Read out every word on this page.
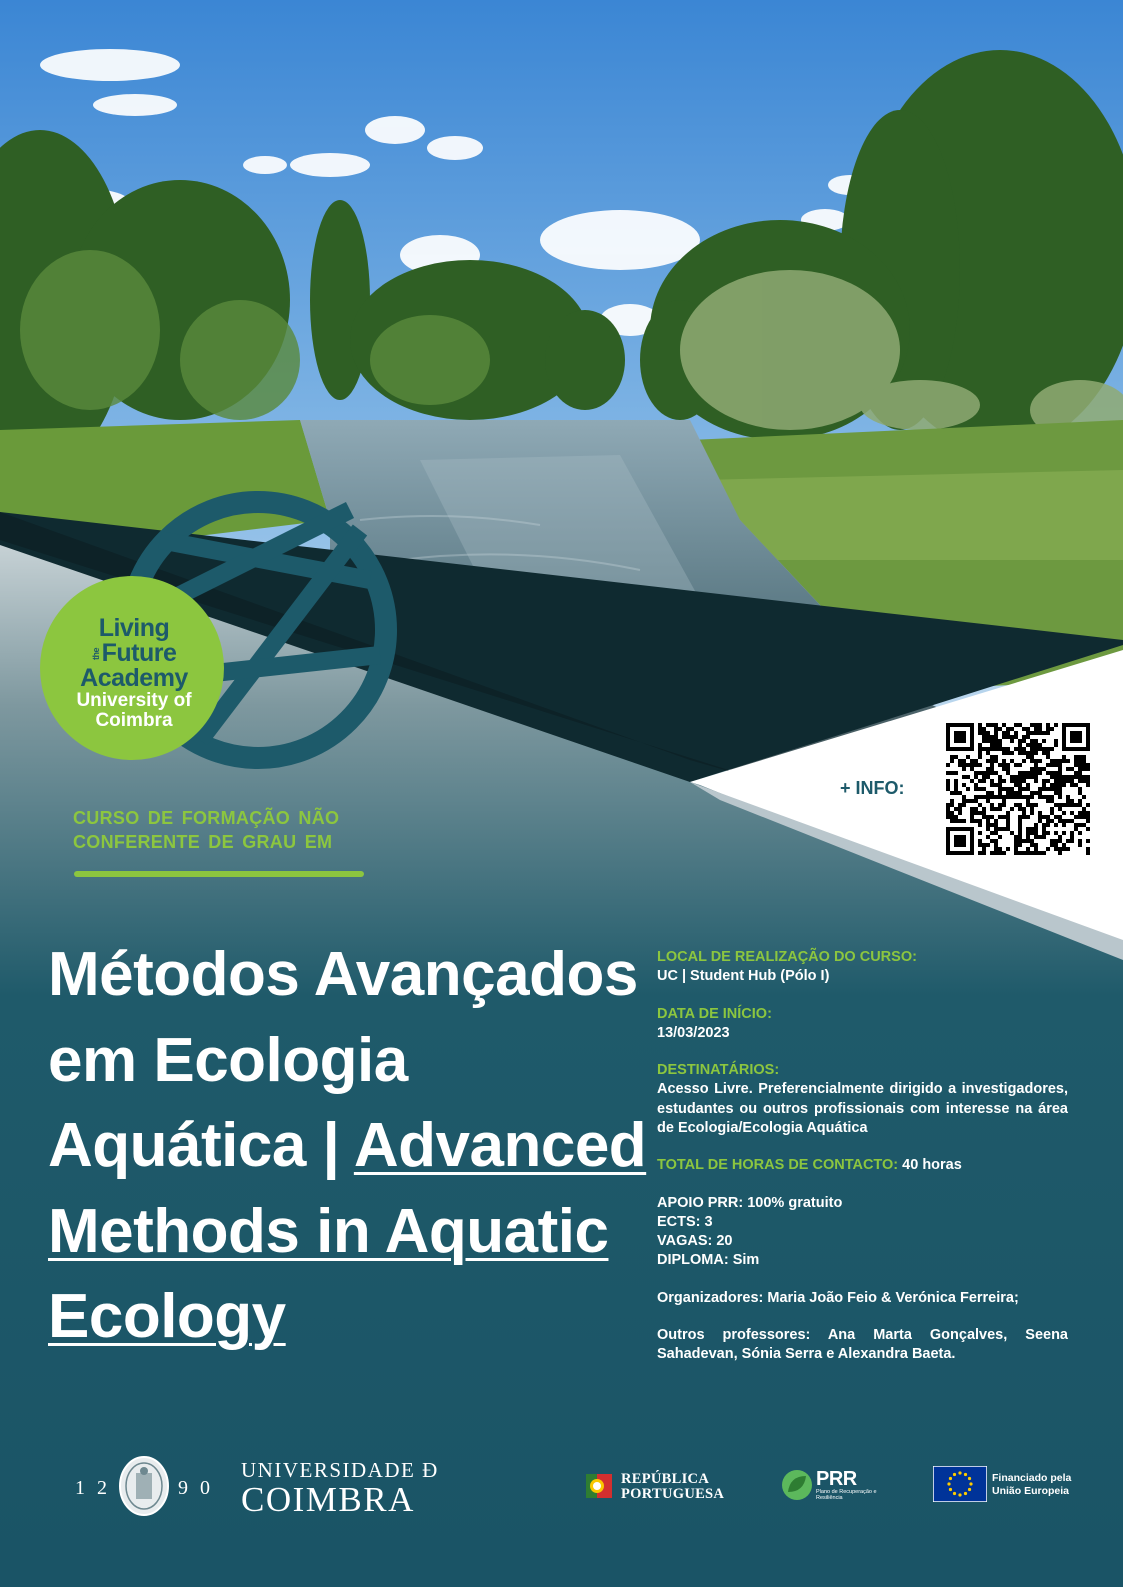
Living
theFuture
Academy
University of
Coimbra
CURSO DE FORMAÇÃO NÃO
CONFERENTE DE GRAU EM
+ INFO:
Métodos Avançados em Ecologia Aquática | Advanced Methods in Aquatic Ecology

LOCAL DE REALIZAÇÃO DO CURSO:

UC | Student Hub (Pólo I)

DATA DE INÍCIO:

13/03/2023

DESTINATÁRIOS:

Acesso Livre. Preferencialmente dirigido a investigadores, estudantes ou outros profissionais com interesse na área de Ecologia/Ecologia Aquática

TOTAL DE HORAS DE CONTACTO: 40 horas

APOIO PRR: 100% gratuito

ECTS: 3

VAGAS: 20

DIPLOMA: Sim

Organizadores: Maria João Feio & Verónica Ferreira;

Outros professores: Ana Marta Gonçalves, Seena Sahadevan, Sónia Serra e Alexandra Baeta.

12	90
UNIVERSIDADE Ð
COIMBRA
REPÚBLICA
PORTUGUESA
PRR
Plano de Recuperação e Resiliência
Financiado pela
União Europeia
